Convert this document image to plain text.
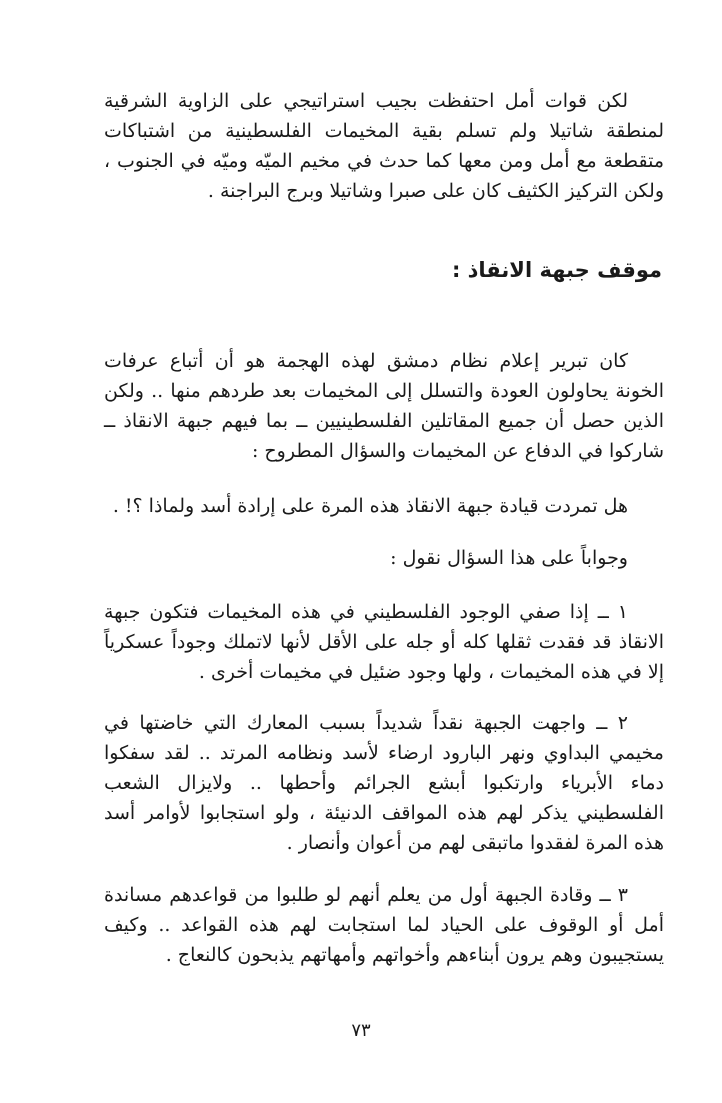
لكن قوات أمل احتفظت بجيب استراتيجي على الزاوية الشرقية لمنطقة شاتيلا ولم تسلم بقية المخيمات الفلسطينية من اشتباكات متقطعة مع أمل ومن معها كما حدث في مخيم الميّه وميّه في الجنوب ، ولكن التركيز الكثيف كان على صبرا وشاتيلا وبرج البراجنة .

موقف جبهة الانقاذ :

كان تبرير إعلام نظام دمشق لهذه الهجمة هو أن أتباع عرفات الخونة يحاولون العودة والتسلل إلى المخيمات بعد طردهم منها .. ولكن الذين حصل أن جميع المقاتلين الفلسطينيين ــ بما فيهم جبهة الانقاذ ــ شاركوا في الدفاع عن المخيمات والسؤال المطروح :

هل تمردت قيادة جبهة الانقاذ هذه المرة على إرادة أسد ولماذا ؟! .

وجواباً على هذا السؤال نقول :

١ ــ إذا صفي الوجود الفلسطيني في هذه المخيمات فتكون جبهة الانقاذ قد فقدت ثقلها كله أو جله على الأقل لأنها لاتملك وجوداً عسكرياً إلا في هذه المخيمات ، ولها وجود ضئيل في مخيمات أخرى .

٢ ــ واجهت الجبهة نقداً شديداً بسبب المعارك التي خاضتها في مخيمي البداوي ونهر البارود ارضاء لأسد ونظامه المرتد .. لقد سفكوا دماء الأبرياء وارتكبوا أبشع الجرائم وأحطها .. ولايزال الشعب الفلسطيني يذكر لهم هذه المواقف الدنيئة ، ولو استجابوا لأوامر أسد هذه المرة لفقدوا ماتبقى لهم من أعوان وأنصار .

٣ ــ وقادة الجبهة أول من يعلم أنهم لو طلبوا من قواعدهم مساندة أمل أو الوقوف على الحياد لما استجابت لهم هذه القواعد .. وكيف يستجيبون وهم يرون أبناءهم وأخواتهم وأمهاتهم يذبحون كالنعاج .

٧٣
